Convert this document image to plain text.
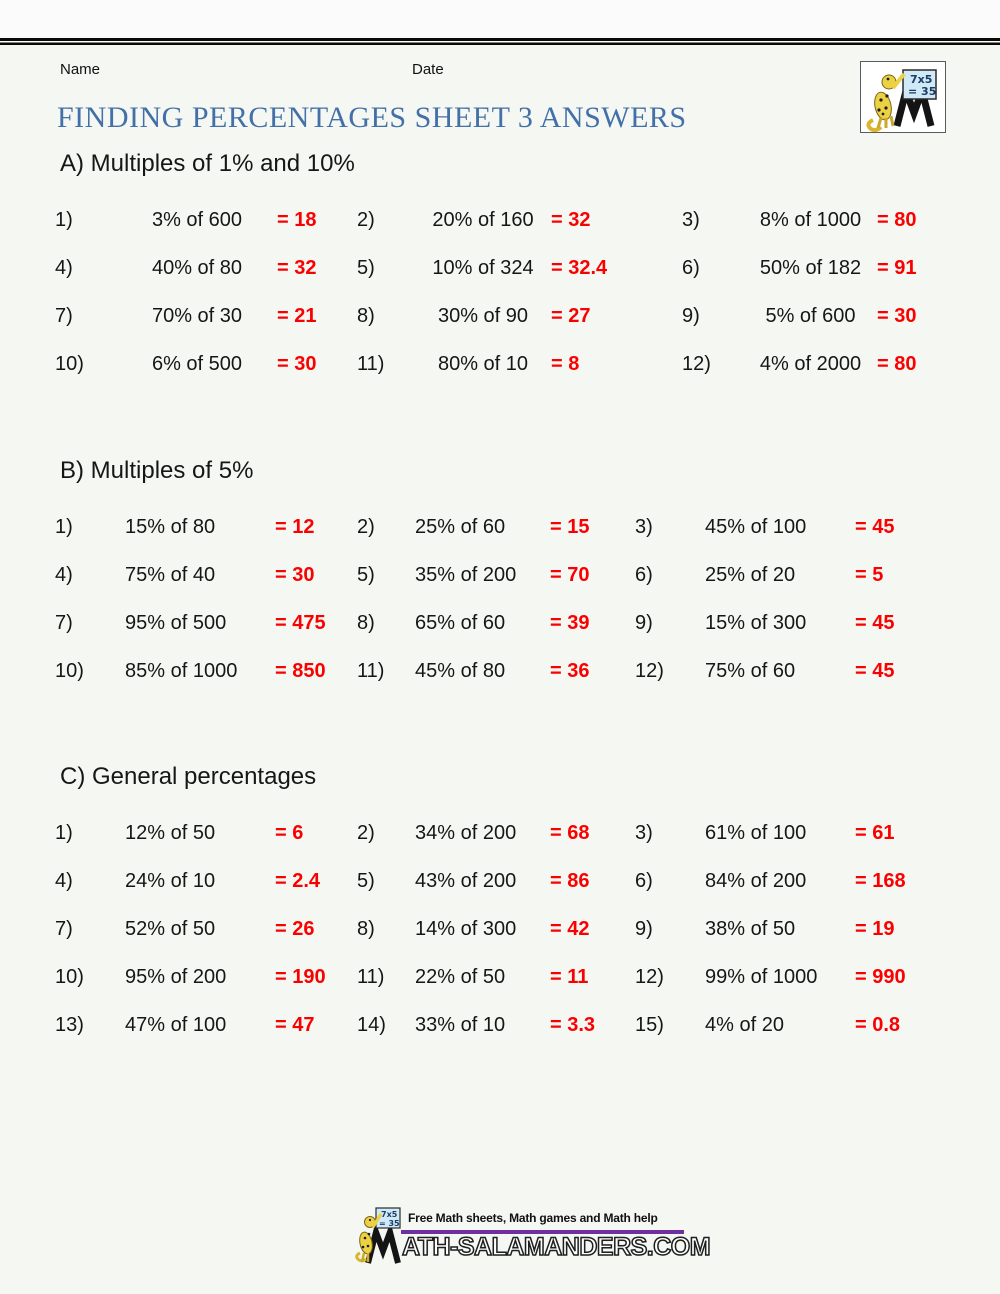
Name	Date
7x5
= 35
FINDING PERCENTAGES SHEET 3 ANSWERS
A) Multiples of 1% and 10%
1)	3% of 600	= 18	2)	20% of 160 = 32	3)	8% of 1000 = 80
4)	40% of 80	= 32	5)	10% of 324 = 32.4	6)	50% of 182 = 91
7)	70% of 30	= 21	8)	30% of 90	= 27	9)	5% of 600	= 30
10)	6% of 500	= 30	11)	80% of 10	= 8	12)	4% of 2000 = 80
B) Multiples of 5%
1)	15% of 80	= 12	2)	25% of 60	= 15	3)	45% of 100	= 45
4)	75% of 40	= 30	5)	35% of 200	= 70	6)	25% of 20	= 5
7)	95% of 500	= 475	8)	65% of 60	= 39	9)	15% of 300	= 45
10)	85% of 1000	= 850	11)	45% of 80	= 36	12)	75% of 60	= 45
C) General percentages
1)	12% of 50	= 6	2)	34% of 200	= 68	3)	61% of 100	= 61
4)	24% of 10	= 2.4	5)	43% of 200	= 86	6)	84% of 200	= 168
7)	52% of 50	= 26	8)	14% of 300	= 42	9)	38% of 50	= 19
10)	95% of 200	= 190	11)	22% of 50	= 11	12)	99% of 1000	= 990
13)	47% of 100	= 47	14)	33% of 10	= 3.3	15)	4% of 20	= 0.8
7x5
= 35 Free Math sheets, Math games and Math help
ATH-SALAMANDERS.COM
